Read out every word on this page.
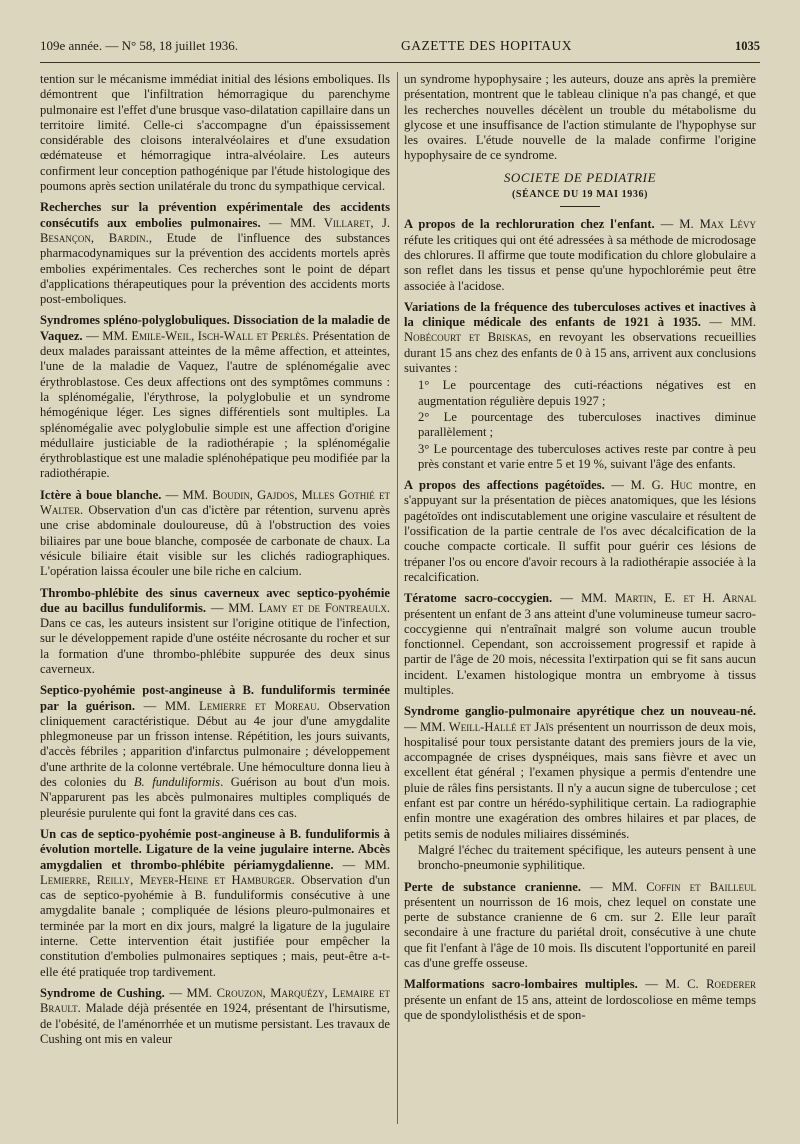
109e année. — N° 58, 18 juillet 1936.	GAZETTE DES HOPITAUX	1035

tention sur le mécanisme immédiat initial des lésions emboliques. Ils démontrent que l'infiltration hémorragique du parenchyme pulmonaire est l'effet d'une brusque vaso-dilatation capillaire dans un territoire limité. Celle-ci s'accompagne d'un épaississement considérable des cloisons interalvéolaires et d'une exsudation œdémateuse et hémorragique intra-alvéolaire. Les auteurs confirment leur conception pathogénique par l'étude histologique des poumons après section unilatérale du tronc du sympathique cervical.

Recherches sur la prévention expérimentale des accidents consécutifs aux embolies pulmonaires. — MM. Villaret, J. Besançon, Bardin., Etude de l'influence des substances pharmacodynamiques sur la prévention des accidents mortels après embolies expérimentales. Ces recherches sont le point de départ d'applications thérapeutiques pour la prévention des accidents morts post-emboliques.

Syndromes spléno-polyglobuliques. Dissociation de la maladie de Vaquez. — MM. Emile-Weil, Isch-Wall et Perlès. Présentation de deux malades paraissant atteintes de la même affection, et atteintes, l'une de la maladie de Vaquez, l'autre de splénomégalie avec érythroblastose. Ces deux affections ont des symptômes communs : la splénomégalie, l'érythrose, la polyglobulie et un syndrome hémogénique léger. Les signes différentiels sont multiples. La splénomégalie avec polyglobulie simple est une affection d'origine médullaire justiciable de la radiothérapie ; la splénomégalie érythroblastique est une maladie splénohépatique peu modifiée par la radiothérapie.

Ictère à boue blanche. — MM. Boudin, Gajdos, Mlles Gothié et Walter. Observation d'un cas d'ictère par rétention, survenu après une crise abdominale douloureuse, dû à l'obstruction des voies biliaires par une boue blanche, composée de carbonate de chaux. La vésicule biliaire était visible sur les clichés radiographiques. L'opération laissa écouler une bile riche en calcium.

Thrombo-phlébite des sinus caverneux avec septico-pyohémie due au bacillus funduliformis. — MM. Lamy et de Fontreaulx. Dans ce cas, les auteurs insistent sur l'origine otitique de l'infection, sur le développement rapide d'une ostéite nécrosante du rocher et sur la formation d'une thrombo-phlébite suppurée des deux sinus caverneux.

Septico-pyohémie post-angineuse à B. funduliformis terminée par la guérison. — MM. Lemierre et Moreau. Observation cliniquement caractéristique. Début au 4e jour d'une amygdalite phlegmoneuse par un frisson intense. Répétition, les jours suivants, d'accès fébriles ; apparition d'infarctus pulmonaire ; développement d'une arthrite de la colonne vertébrale. Une hémoculture donna lieu à des colonies du B. funduliformis. Guérison au bout d'un mois. N'apparurent pas les abcès pulmonaires multiples compliqués de pleurésie purulente qui font la gravité dans ces cas.

Un cas de septico-pyohémie post-angineuse à B. funduliformis à évolution mortelle. Ligature de la veine jugulaire interne. Abcès amygdalien et thrombo-phlébite périamygdalienne. — MM. Lemierre, Reilly, Meyer-Heine et Hamburger. Observation d'un cas de septico-pyohémie à B. funduliformis consécutive à une amygdalite banale ; compliquée de lésions pleuro-pulmonaires et terminée par la mort en dix jours, malgré la ligature de la jugulaire interne. Cette intervention était justifiée pour empêcher la constitution d'embolies pulmonaires septiques ; mais, peut-être a-t-elle été pratiquée trop tardivement.

Syndrome de Cushing. — MM. Crouzon, Marquézy, Lemaire et Brault. Malade déjà présentée en 1924, présentant de l'hirsutisme, de l'obésité, de l'aménorrhée et un mutisme persistant. Les travaux de Cushing ont mis en valeur

un syndrome hypophysaire ; les auteurs, douze ans après la première présentation, montrent que le tableau clinique n'a pas changé, et que les recherches nouvelles décèlent un trouble du métabolisme du glycose et une insuffisance de l'action stimulante de l'hypophyse sur les ovaires. L'étude nouvelle de la malade confirme l'origine hypophysaire de ce syndrome.

SOCIETE DE PEDIATRIE
(SÉANCE DU 19 MAI 1936)

A propos de la rechloruration chez l'enfant. — M. Max Lévy réfute les critiques qui ont été adressées à sa méthode de microdosage des chlorures. Il affirme que toute modification du chlore globulaire a son reflet dans les tissus et pense qu'une hypochlorémie peut être associée à l'acidose.

Variations de la fréquence des tuberculoses actives et inactives à la clinique médicale des enfants de 1921 à 1935. — MM. Nobécourt et Briskas, en revoyant les observations recueillies durant 15 ans chez des enfants de 0 à 15 ans, arrivent aux conclusions suivantes :

1° Le pourcentage des cuti-réactions négatives est en augmentation régulière depuis 1927 ;

2° Le pourcentage des tuberculoses inactives diminue parallèlement ;

3° Le pourcentage des tuberculoses actives reste par contre à peu près constant et varie entre 5 et 19 %, suivant l'âge des enfants.

A propos des affections pagétoïdes. — M. G. Huc montre, en s'appuyant sur la présentation de pièces anatomiques, que les lésions pagétoïdes ont indiscutablement une origine vasculaire et résultent de l'ossification de la partie centrale de l'os avec décalcification de la couche compacte corticale. Il suffit pour guérir ces lésions de trépaner l'os ou encore d'avoir recours à la radiothérapie associée à la recalcification.

Tératome sacro-coccygien. — MM. Martin, E. et H. Arnal présentent un enfant de 3 ans atteint d'une volumineuse tumeur sacro-coccygienne qui n'entraînait malgré son volume aucun trouble fonctionnel. Cependant, son accroissement progressif et rapide à partir de l'âge de 20 mois, nécessita l'extirpation qui se fit sans aucun incident. L'examen histologique montra un embryome à tissus multiples.

Syndrome ganglio-pulmonaire apyrétique chez un nouveau-né. — MM. Weill-Hallé et Jaïs présentent un nourrisson de deux mois, hospitalisé pour toux persistante datant des premiers jours de la vie, accompagnée de crises dyspnéiques, mais sans fièvre et avec un excellent état général ; l'examen physique a permis d'entendre une pluie de râles fins persistants. Il n'y a aucun signe de tuberculose ; cet enfant est par contre un hérédo-syphilitique certain. La radiographie enfin montre une exagération des ombres hilaires et par places, de petits semis de nodules miliaires disséminés.

Malgré l'échec du traitement spécifique, les auteurs pensent à une broncho-pneumonie syphilitique.

Perte de substance cranienne. — MM. Coffin et Bailleul présentent un nourrisson de 16 mois, chez lequel on constate une perte de substance cranienne de 6 cm. sur 2. Elle leur paraît secondaire à une fracture du pariétal droit, consécutive à une chute que fit l'enfant à l'âge de 10 mois. Ils discutent l'opportunité en pareil cas d'une greffe osseuse.

Malformations sacro-lombaires multiples. — M. C. Roederer présente un enfant de 15 ans, atteint de lordoscoliose en même temps que de spondylolisthésis et de spon-
